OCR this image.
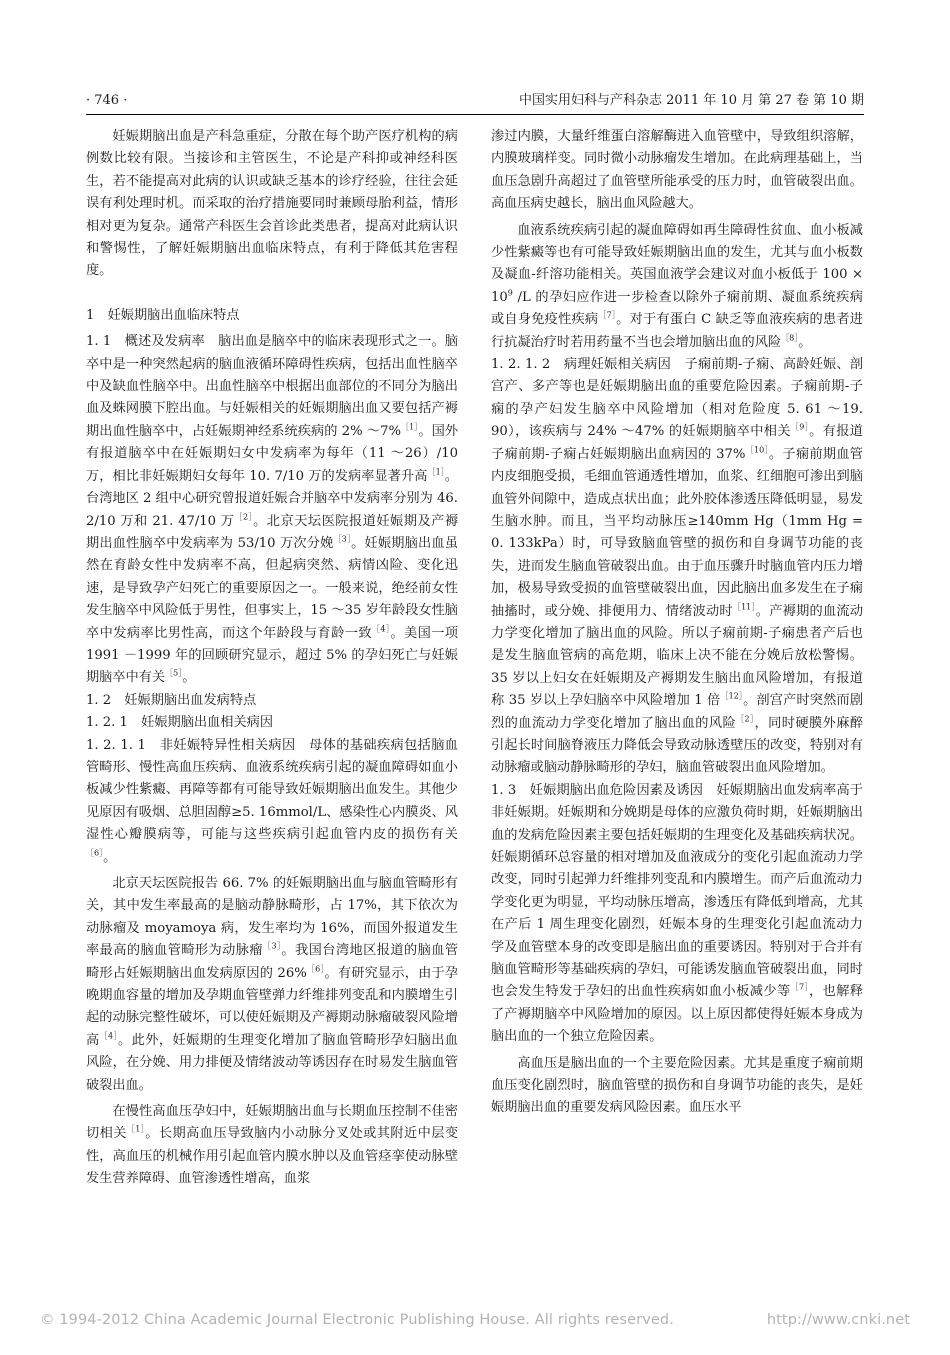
· 746 ·	中国实用妇科与产科杂志 2011 年 10 月 第 27 卷 第 10 期

妊娠期脑出血是产科急重症，分散在每个助产医疗机构的病例数比较有限。当接诊和主管医生，不论是产科抑或神经科医生，若不能提高对此病的认识或缺乏基本的诊疗经验，往往会延误有利处理时机。而采取的治疗措施要同时兼顾母胎利益，情形相对更为复杂。通常产科医生会首诊此类患者，提高对此病认识和警惕性，了解妊娠期脑出血临床特点，有利于降低其危害程度。

1　妊娠期脑出血临床特点

1. 1　概述及发病率　脑出血是脑卒中的临床表现形式之一。脑卒中是一种突然起病的脑血液循环障碍性疾病，包括出血性脑卒中及缺血性脑卒中。出血性脑卒中根据出血部位的不同分为脑出血及蛛网膜下腔出血。与妊娠相关的妊娠期脑出血又要包括产褥期出血性脑卒中，占妊娠期神经系统疾病的 2% ～7%$^{[1]}$。国外有报道脑卒中在妊娠期妇女中发病率为每年（11 ～26）/10 万，相比非妊娠期妇女每年 10. 7/10 万的发病率显著升高$^{[1]}$。台湾地区 2 组中心研究曾报道妊娠合并脑卒中发病率分别为 46. 2/10 万和 21. 47/10 万$^{[2]}$。北京天坛医院报道妊娠期及产褥期出血性脑卒中发病率为 53/10 万次分娩$^{[3]}$。妊娠期脑出血虽然在育龄女性中发病率不高，但起病突然、病情凶险、变化迅速，是导致孕产妇死亡的重要原因之一。一般来说，绝经前女性发生脑卒中风险低于男性，但事实上，15 ～35 岁年龄段女性脑卒中发病率比男性高，而这个年龄段与育龄一致$^{[4]}$。美国一项 1991 －1999 年的回顾研究显示，超过 5% 的孕妇死亡与妊娠期脑卒中有关$^{[5]}$。

1. 2　妊娠期脑出血发病特点

1. 2. 1　妊娠期脑出血相关病因

1. 2. 1. 1　非妊娠特异性相关病因　母体的基础疾病包括脑血管畸形、慢性高血压疾病、血液系统疾病引起的凝血障碍如血小板减少性紫癜、再障等都有可能导致妊娠期脑出血发生。其他少见原因有吸烟、总胆固醇≥5. 16mmol/L、感染性心内膜炎、风湿性心瓣膜病等，可能与这些疾病引起血管内皮的损伤有关$^{[6]}$。

北京天坛医院报告 66. 7% 的妊娠期脑出血与脑血管畸形有关，其中发生率最高的是脑动静脉畸形，占 17%，其下依次为动脉瘤及 moyamoya 病，发生率均为 16%，而国外报道发生率最高的脑血管畸形为动脉瘤$^{[3]}$。我国台湾地区报道的脑血管畸形占妊娠期脑出血发病原因的 26%$^{[6]}$。有研究显示，由于孕晚期血容量的增加及孕期血管壁弹力纤维排列变乱和内膜增生引起的动脉完整性破坏，可以使妊娠期及产褥期动脉瘤破裂风险增高$^{[4]}$。此外，妊娠期的生理变化增加了脑血管畸形孕妇脑出血风险，在分娩、用力排便及情绪波动等诱因存在时易发生脑血管破裂出血。

在慢性高血压孕妇中，妊娠期脑出血与长期血压控制不佳密切相关$^{[1]}$。长期高血压导致脑内小动脉分叉处或其附近中层变性，高血压的机械作用引起血管内膜水肿以及血管痉挛使动脉壁发生营养障碍、血管渗透性增高，血浆

渗过内膜，大量纤维蛋白溶解酶进入血管壁中，导致组织溶解，内膜玻璃样变。同时微小动脉瘤发生增加。在此病理基础上，当血压急剧升高超过了血管壁所能承受的压力时，血管破裂出血。高血压病史越长，脑出血风险越大。

血液系统疾病引起的凝血障碍如再生障碍性贫血、血小板减少性紫癜等也有可能导致妊娠期脑出血的发生，尤其与血小板数及凝血-纤溶功能相关。英国血液学会建议对血小板低于 100 × 10$^9$ /L 的孕妇应作进一步检查以除外子痫前期、凝血系统疾病或自身免疫性疾病$^{[7]}$。对于有蛋白 C 缺乏等血液疾病的患者进行抗凝治疗时若用药量不当也会增加脑出血的风险$^{[8]}$。

1. 2. 1. 2　病理妊娠相关病因　子痫前期-子痫、高龄妊娠、剖宫产、多产等也是妊娠期脑出血的重要危险因素。子痫前期-子痫的孕产妇发生脑卒中风险增加（相对危险度 5. 61 ～19. 90），该疾病与 24% ～47% 的妊娠期脑卒中相关$^{[9]}$。有报道子痫前期-子痫占妊娠期脑出血病因的 37%$^{[10]}$。子痫前期血管内皮细胞受损，毛细血管通透性增加，血浆、红细胞可渗出到脑血管外间隙中，造成点状出血；此外胶体渗透压降低明显，易发生脑水肿。而且，当平均动脉压≥140mm Hg（1mm Hg = 0. 133kPa）时，可导致脑血管壁的损伤和自身调节功能的丧失，进而发生脑血管破裂出血。由于血压骤升时脑血管内压力增加，极易导致受损的血管壁破裂出血，因此脑出血多发生在子痫抽搐时，或分娩、排便用力、情绪波动时$^{[11]}$。产褥期的血流动力学变化增加了脑出血的风险。所以子痫前期-子痫患者产后也是发生脑血管病的高危期，临床上决不能在分娩后放松警惕。35 岁以上妇女在妊娠期及产褥期发生脑出血风险增加，有报道称 35 岁以上孕妇脑卒中风险增加 1 倍$^{[12]}$。剖宫产时突然而剧烈的血流动力学变化增加了脑出血的风险$^{[2]}$，同时硬膜外麻醉引起长时间脑脊液压力降低会导致动脉透壁压的改变，特别对有动脉瘤或脑动静脉畸形的孕妇，脑血管破裂出血风险增加。

1. 3　妊娠期脑出血危险因素及诱因　妊娠期脑出血发病率高于非妊娠期。妊娠期和分娩期是母体的应激负荷时期，妊娠期脑出血的发病危险因素主要包括妊娠期的生理变化及基础疾病状况。妊娠期循环总容量的相对增加及血液成分的变化引起血流动力学改变，同时引起弹力纤维排列变乱和内膜增生。而产后血流动力学变化更为明显，平均动脉压增高，渗透压有降低到增高，尤其在产后 1 周生理变化剧烈，妊娠本身的生理变化引起血流动力学及血管壁本身的改变即是脑出血的重要诱因。特别对于合并有脑血管畸形等基础疾病的孕妇，可能诱发脑血管破裂出血，同时也会发生特发于孕妇的出血性疾病如血小板减少等$^{[7]}$，也解释了产褥期脑卒中风险增加的原因。以上原因都使得妊娠本身成为脑出血的一个独立危险因素。

高血压是脑出血的一个主要危险因素。尤其是重度子痫前期血压变化剧烈时，脑血管壁的损伤和自身调节功能的丧失，是妊娠期脑出血的重要发病风险因素。血压水平

© 1994-2012 China Academic Journal Electronic Publishing House. All rights reserved.	http://www.cnki.net
